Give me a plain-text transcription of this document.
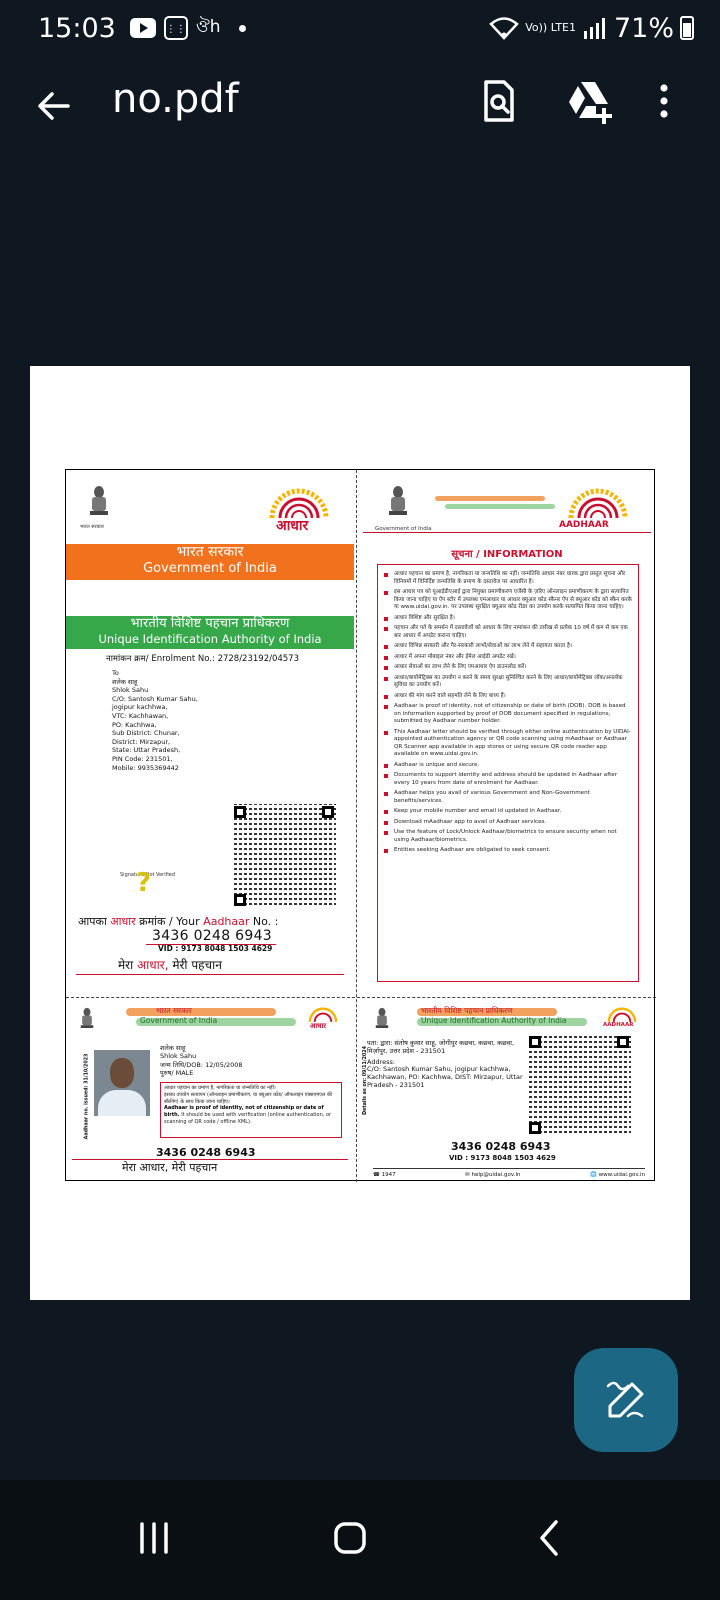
15:03	⋮⋮ ঔh	Vo)) LTE1 71%
no.pdf
भारत सरकार	आधार
भारत सरकार
Government of India
भारतीय विशिष्ट पहचान प्राधिकरण
Unique Identification Authority of India
नामांकन क्रम/ Enrolment No.: 2728/23192/04573
To
शलेक साहू
Shlok Sahu
C/O: Santosh Kumar Sahu,
jogipur kachhwa,
VTC: Kachhawan,
PO: Kachhwa,
Sub District: Chunar,
District: Mirzapur,
State: Uttar Pradesh,
PIN Code: 231501,
Mobile: 9935369442
Signature Not Verified
?
आपका आधार क्रमांक / Your Aadhaar No. :
3436 0248 6943
VID : 9173 8048 1503 4629
मेरा आधार, मेरी पहचान
Government of India	AADHAAR
सूचना / INFORMATION
आधार पहचान का प्रमाण है, नागरिकता या जन्मतिथि का नहीं। जन्मतिथि आधार नंबर धारक द्वारा प्रस्तुत सूचना और विनियमों में विनिर्दिष्ट जन्मतिथि के प्रमाण के दस्तावेज पर आधारित है।
इस आधार पत्र को यूआईडीएआई द्वारा नियुक्त प्रमाणीकरण एजेंसी के ज़रिए ऑनलाइन प्रमाणीकरण के द्वारा सत्यापित किया जाना चाहिए या ऐप स्टोर में उपलब्ध एमआधार या आधार क्यूआर कोड स्कैनर ऐप से क्यूआर कोड को स्कैन करके या www.uidai.gov.in. पर उपलब्ध सुरक्षित क्यूआर कोड रीडर का उपयोग करके सत्यापित किया जाना चाहिए।
आधार विशिष्ट और सुरक्षित है।
पहचान और पते के समर्थन में दस्तावेजों को आधार के लिए नामांकन की तारीख से प्रत्येक 10 वर्ष में कम से कम एक बार आधार में अपडेट कराना चाहिए।
आधार विभिन्न सरकारी और गैर-सरकारी लाभों/सेवाओं का लाभ लेने में सहायता करता है।
आधार में अपना मोबाइल नंबर और ईमेल आईडी अपडेट रखें।
आधार सेवाओं का लाभ लेने के लिए एमआधार ऐप डाउनलोड करें।
आधार/बायोमेट्रिक्स का उपयोग न करने के समय सुरक्षा सुनिश्चित करने के लिए आधार/बायोमेट्रिक्स लॉक/अनलॉक सुविधा का उपयोग करें।
आधार की मांग करने वाले सहमति लेने के लिए बाध्य हैं।
Aadhaar is proof of identity, not of citizenship or date of birth (DOB). DOB is based on information supported by proof of DOB document specified in regulations, submitted by Aadhaar number holder.
This Aadhaar letter should be verified through either online authentication by UIDAI-appointed authentication agency or QR code scanning using mAadhaar or Aadhaar QR Scanner app available in app stores or using secure QR code reader app available on www.uidai.gov.in.
Aadhaar is unique and secure.
Documents to support identity and address should be updated in Aadhaar after every 10 years from date of enrolment for Aadhaar.
Aadhaar helps you avail of various Government and Non-Government benefits/services.
Keep your mobile number and email id updated in Aadhaar.
Download mAadhaar app to avail of Aadhaar services.
Use the feature of Lock/Unlock Aadhaar/biometrics to ensure security when not using Aadhaar/biometrics.
Entities seeking Aadhaar are obligated to seek consent.
भारत सरकार
Government of India
आधार
Aadhaar no. issued: 31/10/2023
शलेक साहू
Shlok Sahu
जन्म तिथि/DOB: 12/05/2008
पुरुष/ MALE
आधार पहचान का प्रमाण है, नागरिकता या जन्मतिथि का नहीं।
इसका उपयोग सत्यापन (ऑनलाइन प्रमाणीकरण, या क्यूआर कोड/ ऑफलाइन एक्सएमएल की स्कैनिंग) के साथ किया जाना चाहिए।
Aadhaar is proof of identity, not of citizenship or date of birth. It should be used with verification (online authentication, or scanning of QR code / offline XML).
3436 0248 6943
मेरा आधार, मेरी पहचान
भारतीय विशिष्ट पहचान प्राधिकरण
Unique Identification Authority of India	AADHAAR
Details as on: 09/11/2024
पता: द्वारा: संतोष कुमार साहू, जोगीपुर कछवा, कछवा, कछवा, मिर्ज़ापुर, उत्तर प्रदेश - 231501
Address:
C/O: Santosh Kumar Sahu, jogipur kachhwa, Kachhawan, PO: Kachhwa, DIST: Mirzapur, Uttar Pradesh - 231501
3436 0248 6943
VID : 9173 8048 1503 4629
☎ 1947	✉ help@uidai.gov.in	🌐 www.uidai.gov.in
